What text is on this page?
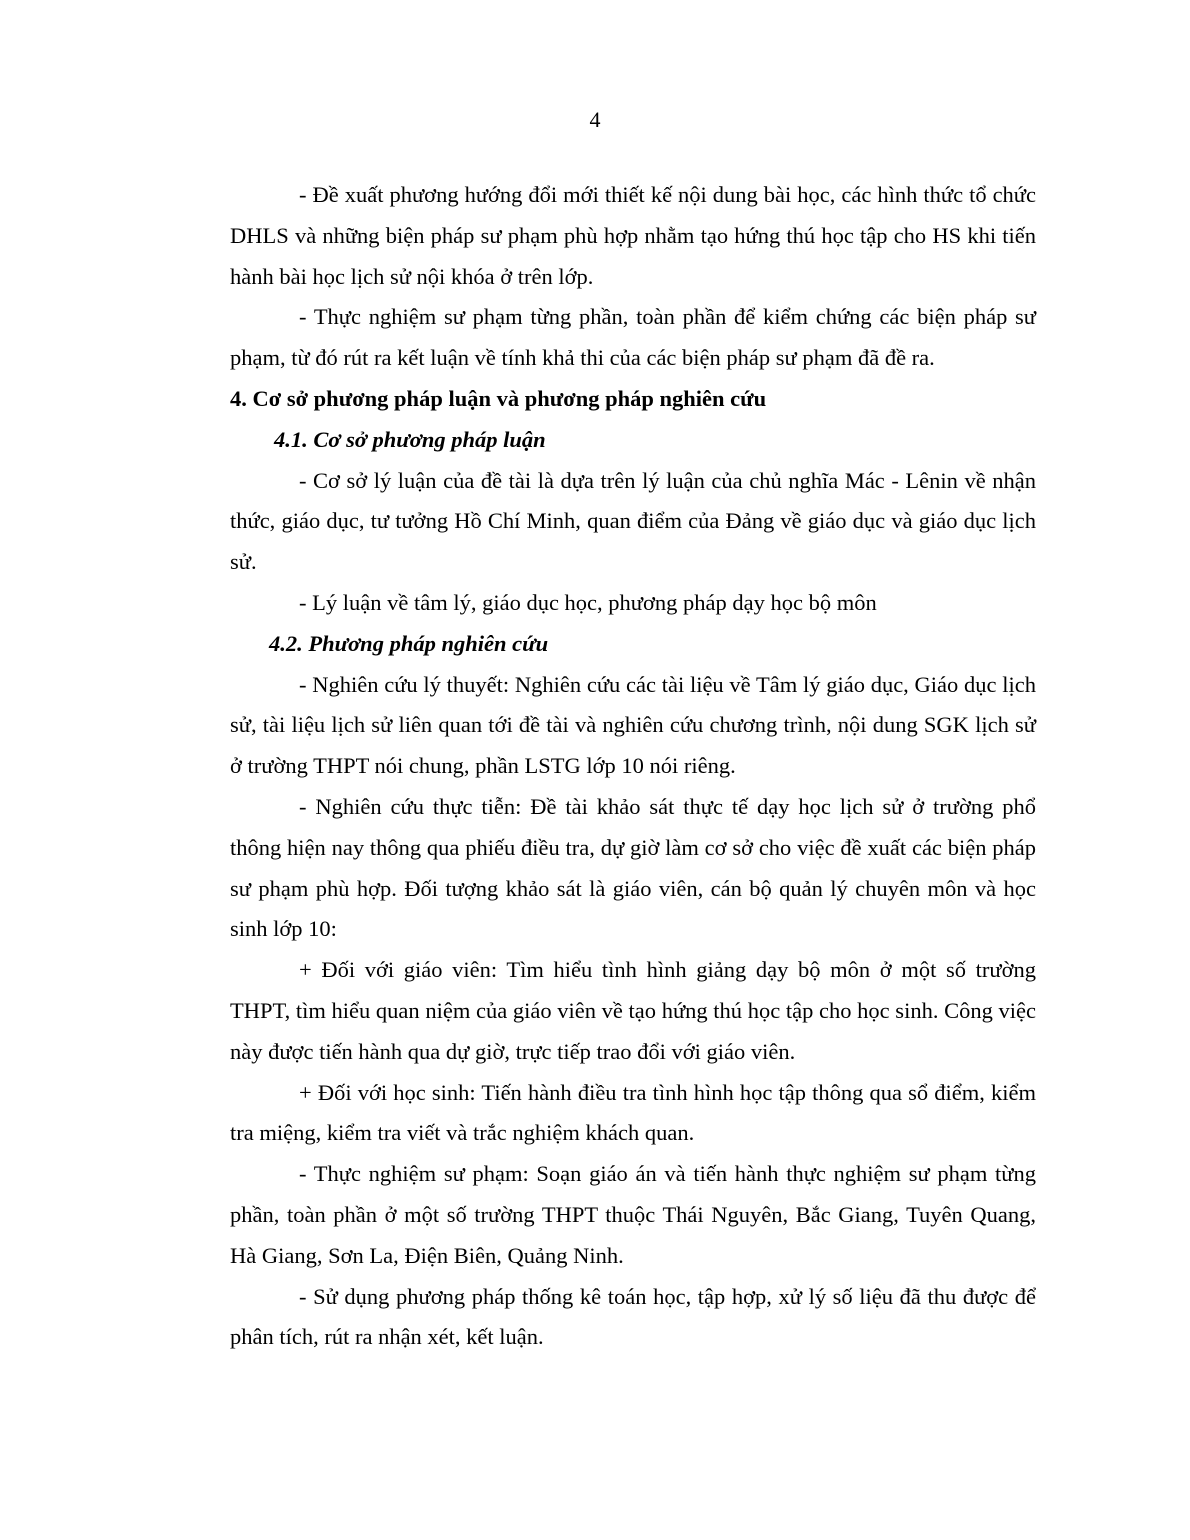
4

- Đề xuất phương hướng đổi mới thiết kế nội dung bài học, các hình thức tổ chức DHLS và những biện pháp sư phạm phù hợp nhằm tạo hứng thú học tập cho HS khi tiến hành bài học lịch sử nội khóa ở trên lớp.

- Thực nghiệm sư phạm từng phần, toàn phần để kiểm chứng các biện pháp sư phạm, từ đó rút ra kết luận về tính khả thi của các biện pháp sư phạm đã đề ra.

4. Cơ sở phương pháp luận và phương pháp nghiên cứu

4.1. Cơ sở phương pháp luận

- Cơ sở lý luận của đề tài là dựa trên lý luận của chủ nghĩa Mác - Lênin về nhận thức, giáo dục, tư tưởng Hồ Chí Minh, quan điểm của Đảng về giáo dục và giáo dục lịch sử.

- Lý luận về tâm lý, giáo dục học, phương pháp dạy học bộ môn

4.2. Phương pháp nghiên cứu

- Nghiên cứu lý thuyết: Nghiên cứu các tài liệu về Tâm lý giáo dục, Giáo dục lịch sử, tài liệu lịch sử liên quan tới đề tài và nghiên cứu chương trình, nội dung SGK lịch sử ở trường THPT nói chung, phần LSTG lớp 10 nói riêng.

- Nghiên cứu thực tiễn: Đề tài khảo sát thực tế dạy học lịch sử ở trường phổ thông hiện nay thông qua phiếu điều tra, dự giờ làm cơ sở cho việc đề xuất các biện pháp sư phạm phù hợp. Đối tượng khảo sát là giáo viên, cán bộ quản lý chuyên môn và học sinh lớp 10:

+ Đối với giáo viên: Tìm hiểu tình hình giảng dạy bộ môn ở một số trường THPT, tìm hiểu quan niệm của giáo viên về tạo hứng thú học tập cho học sinh. Công việc này được tiến hành qua dự giờ, trực tiếp trao đổi với giáo viên.

+ Đối với học sinh: Tiến hành điều tra tình hình học tập thông qua sổ điểm, kiểm tra miệng, kiểm tra viết và trắc nghiệm khách quan.

- Thực nghiệm sư phạm: Soạn giáo án và tiến hành thực nghiệm sư phạm từng phần, toàn phần ở một số trường THPT thuộc Thái Nguyên, Bắc Giang, Tuyên Quang, Hà Giang, Sơn La, Điện Biên, Quảng Ninh.

- Sử dụng phương pháp thống kê toán học, tập hợp, xử lý số liệu đã thu được để phân tích, rút ra nhận xét, kết luận.
